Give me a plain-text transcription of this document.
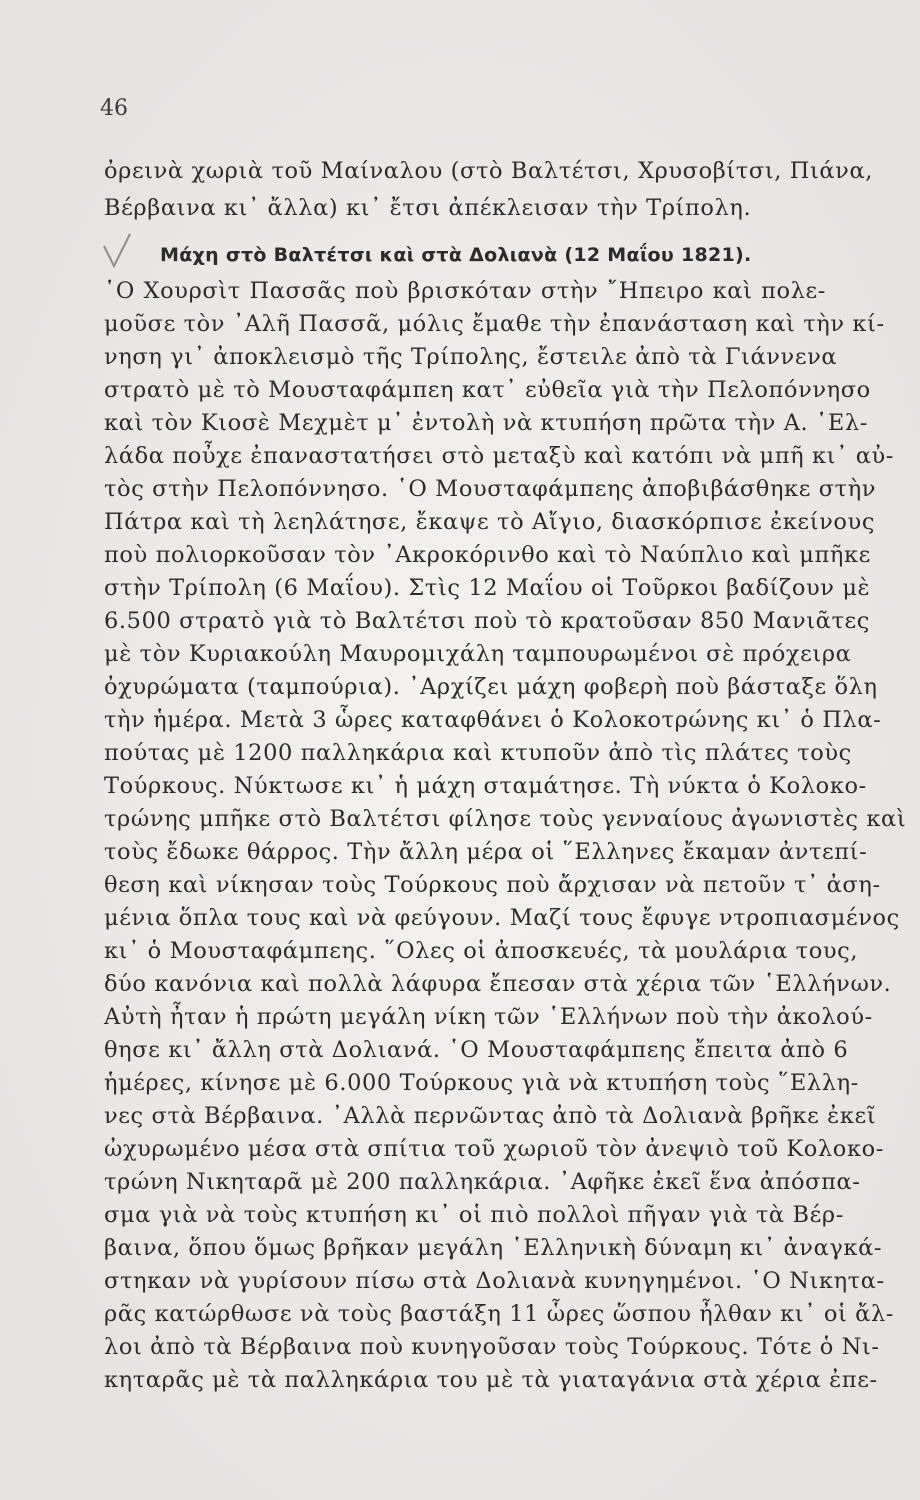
46
ὀρεινὰ χωριὰ τοῦ Μαίναλου (στὸ Βαλτέτσι, Χρυσοβίτσι, Πιάνα,
Βέρβαινα κι᾽ ἄλλα) κι᾽ ἔτσι ἀπέκλεισαν τὴν Τρίπολη.
Μάχη στὸ Βαλτέτσι καὶ στὰ Δολιανὰ (12 Μαΐου 1821).
῾Ο Χουρσὶτ Πασσᾶς ποὺ βρισκόταν στὴν ῎Ηπειρο καὶ πολε-
μοῦσε τὸν ᾽Αλῆ Πασσᾶ, μόλις ἔμαθε τὴν ἐπανάσταση καὶ τὴν κί-
νηση γι᾽ ἀποκλεισμὸ τῆς Τρίπολης, ἔστειλε ἀπὸ τὰ Γιάννενα
στρατὸ μὲ τὸ Μουσταφάμπεη κατ᾽ εὐθεῖα γιὰ τὴν Πελοπόννησο
καὶ τὸν Κιοσὲ Μεχμὲτ μ᾽ ἐντολὴ νὰ κτυπήση πρῶτα τὴν Α. ῾Ελ-
λάδα ποὖχε ἐπαναστατήσει στὸ μεταξὺ καὶ κατόπι νὰ μπῆ κι᾽ αὐ-
τὸς στὴν Πελοπόννησο. ῾Ο Μουσταφάμπεης ἀποβιβάσθηκε στὴν
Πάτρα καὶ τὴ λεηλάτησε, ἔκαψε τὸ Αἴγιο, διασκόρπισε ἐκείνους
ποὺ πολιορκοῦσαν τὸν ᾽Ακροκόρινθο καὶ τὸ Ναύπλιο καὶ μπῆκε
στὴν Τρίπολη (6 Μαΐου). Στὶς 12 Μαΐου οἱ Τοῦρκοι βαδίζουν μὲ
6.500 στρατὸ γιὰ τὸ Βαλτέτσι ποὺ τὸ κρατοῦσαν 850 Μανιᾶτες
μὲ τὸν Κυριακούλη Μαυρομιχάλη ταμπουρωμένοι σὲ πρόχειρα
ὀχυρώματα (ταμπούρια). ᾽Αρχίζει μάχη φοβερὴ ποὺ βάσταξε ὅλη
τὴν ἡμέρα. Μετὰ 3 ὧρες καταφθάνει ὁ Κολοκοτρώνης κι᾽ ὁ Πλα-
πούτας μὲ 1200 παλληκάρια καὶ κτυποῦν ἀπὸ τὶς πλάτες τοὺς
Τούρκους. Νύκτωσε κι᾽ ἡ μάχη σταμάτησε. Τὴ νύκτα ὁ Κολοκο-
τρώνης μπῆκε στὸ Βαλτέτσι φίλησε τοὺς γενναίους ἀγωνιστὲς καὶ
τοὺς ἔδωκε θάρρος. Τὴν ἄλλη μέρα οἱ ῞Ελληνες ἔκαμαν ἀντεπί-
θεση καὶ νίκησαν τοὺς Τούρκους ποὺ ἄρχισαν νὰ πετοῦν τ᾽ ἀση-
μένια ὅπλα τους καὶ νὰ φεύγουν. Μαζί τους ἔφυγε ντροπιασμένος
κι᾽ ὁ Μουσταφάμπεης. ῞Ολες οἱ ἀποσκευές, τὰ μουλάρια τους,
δύο κανόνια καὶ πολλὰ λάφυρα ἔπεσαν στὰ χέρια τῶν ῾Ελλήνων.
Αὐτὴ ἦταν ἡ πρώτη μεγάλη νίκη τῶν ῾Ελλήνων ποὺ τὴν ἀκολού-
θησε κι᾽ ἄλλη στὰ Δολιανά. ῾Ο Μουσταφάμπεης ἔπειτα ἀπὸ 6
ἡμέρες, κίνησε μὲ 6.000 Τούρκους γιὰ νὰ κτυπήση τοὺς ῞Ελλη-
νες στὰ Βέρβαινα. ᾽Αλλὰ περνῶντας ἀπὸ τὰ Δολιανὰ βρῆκε ἐκεῖ
ὠχυρωμένο μέσα στὰ σπίτια τοῦ χωριοῦ τὸν ἀνεψιὸ τοῦ Κολοκο-
τρώνη Νικηταρᾶ μὲ 200 παλληκάρια. ᾽Αφῆκε ἐκεῖ ἕνα ἀπόσπα-
σμα γιὰ νὰ τοὺς κτυπήση κι᾽ οἱ πιὸ πολλοὶ πῆγαν γιὰ τὰ Βέρ-
βαινα, ὅπου ὅμως βρῆκαν μεγάλη ῾Ελληνικὴ δύναμη κι᾽ ἀναγκά-
στηκαν νὰ γυρίσουν πίσω στὰ Δολιανὰ κυνηγημένοι. ῾Ο Νικητα-
ρᾶς κατώρθωσε νὰ τοὺς βαστάξη 11 ὧρες ὥσπου ἦλθαν κι᾽ οἱ ἄλ-
λοι ἀπὸ τὰ Βέρβαινα ποὺ κυνηγοῦσαν τοὺς Τούρκους. Τότε ὁ Νι-
κηταρᾶς μὲ τὰ παλληκάρια του μὲ τὰ γιαταγάνια στὰ χέρια ἐπε-
